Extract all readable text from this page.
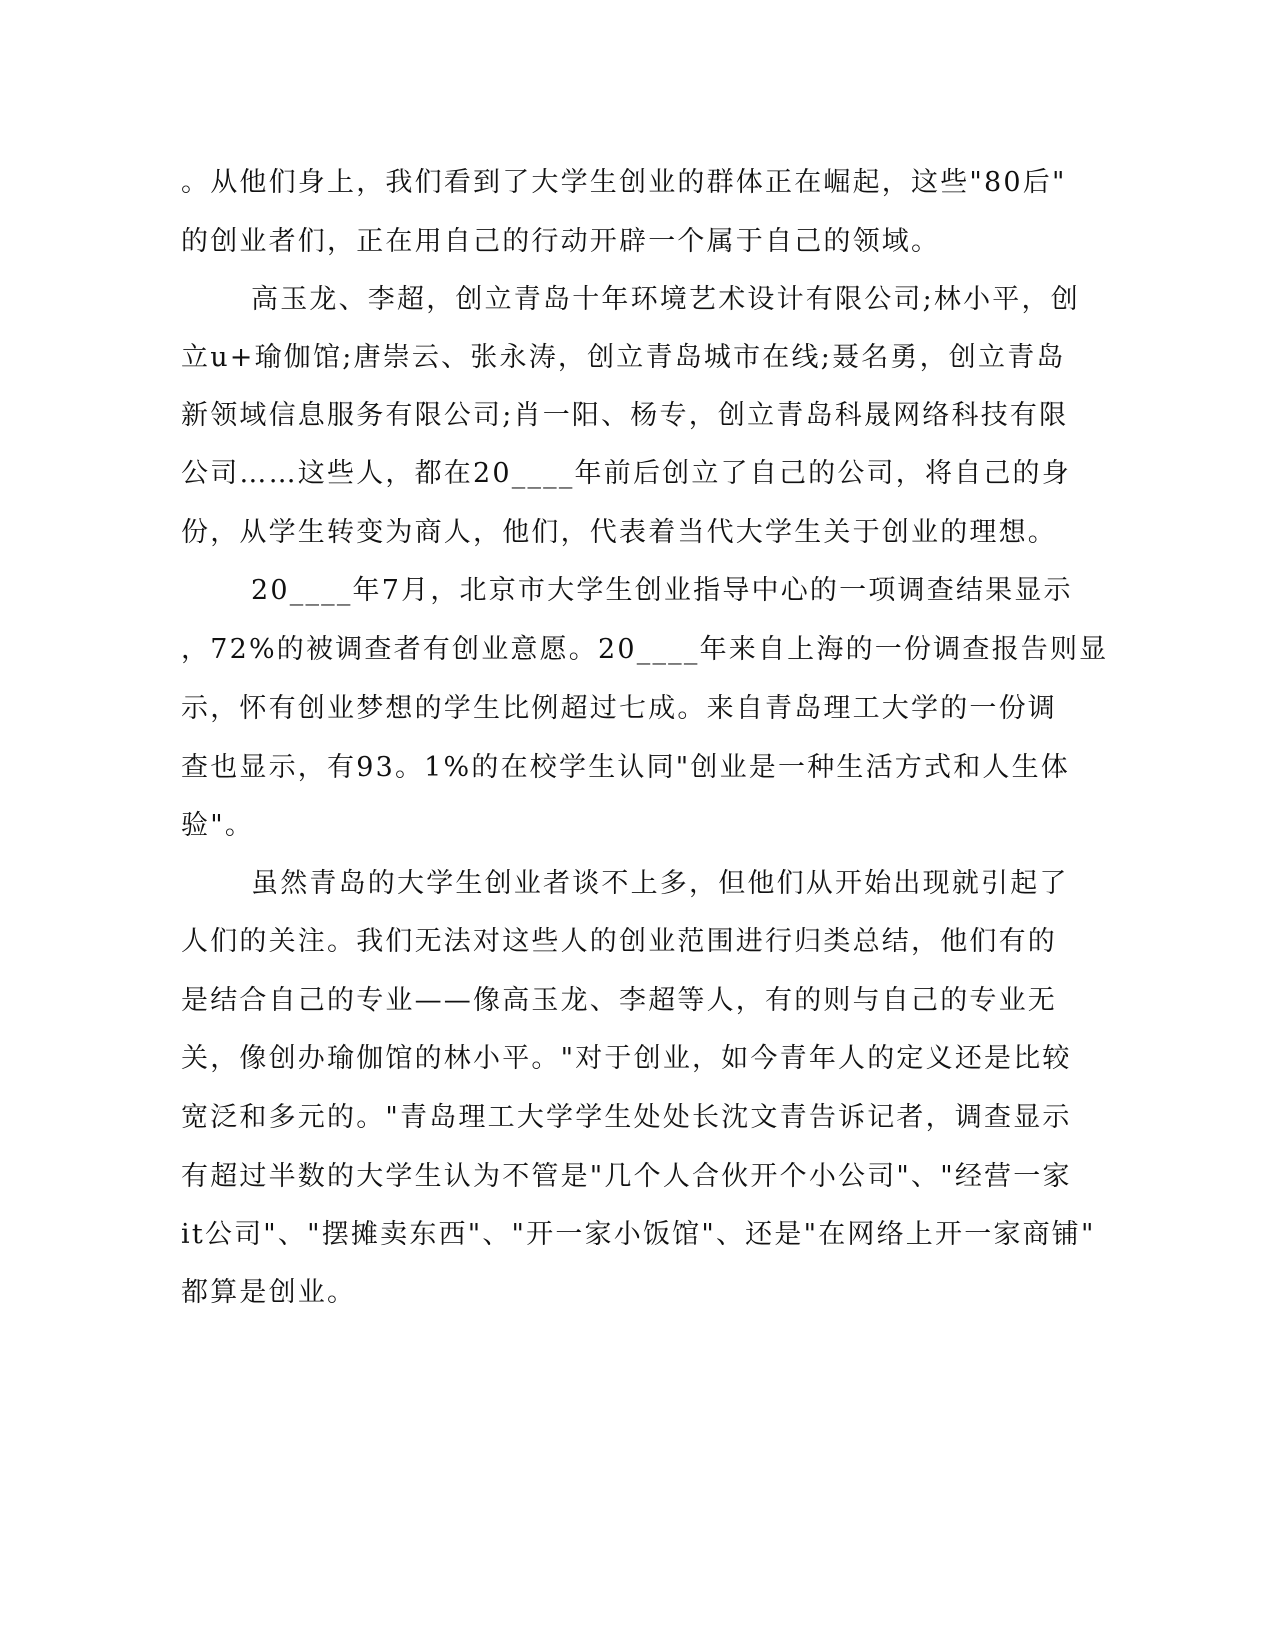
。从他们身上，我们看到了大学生创业的群体正在崛起，这些"80后"

的创业者们，正在用自己的行动开辟一个属于自己的领域。

高玉龙、李超，创立青岛十年环境艺术设计有限公司;林小平，创

立u+瑜伽馆;唐崇云、张永涛，创立青岛城市在线;聂名勇，创立青岛

新领域信息服务有限公司;肖一阳、杨专，创立青岛科晟网络科技有限

公司……这些人，都在20____年前后创立了自己的公司，将自己的身

份，从学生转变为商人，他们，代表着当代大学生关于创业的理想。

20____年7月，北京市大学生创业指导中心的一项调查结果显示

，72%的被调查者有创业意愿。20____年来自上海的一份调查报告则显

示，怀有创业梦想的学生比例超过七成。来自青岛理工大学的一份调

查也显示，有93。1%的在校学生认同"创业是一种生活方式和人生体

验"。

虽然青岛的大学生创业者谈不上多，但他们从开始出现就引起了

人们的关注。我们无法对这些人的创业范围进行归类总结，他们有的

是结合自己的专业——像高玉龙、李超等人，有的则与自己的专业无

关，像创办瑜伽馆的林小平。"对于创业，如今青年人的定义还是比较

宽泛和多元的。"青岛理工大学学生处处长沈文青告诉记者，调查显示

有超过半数的大学生认为不管是"几个人合伙开个小公司"、"经营一家

it公司"、"摆摊卖东西"、"开一家小饭馆"、还是"在网络上开一家商铺"

都算是创业。
